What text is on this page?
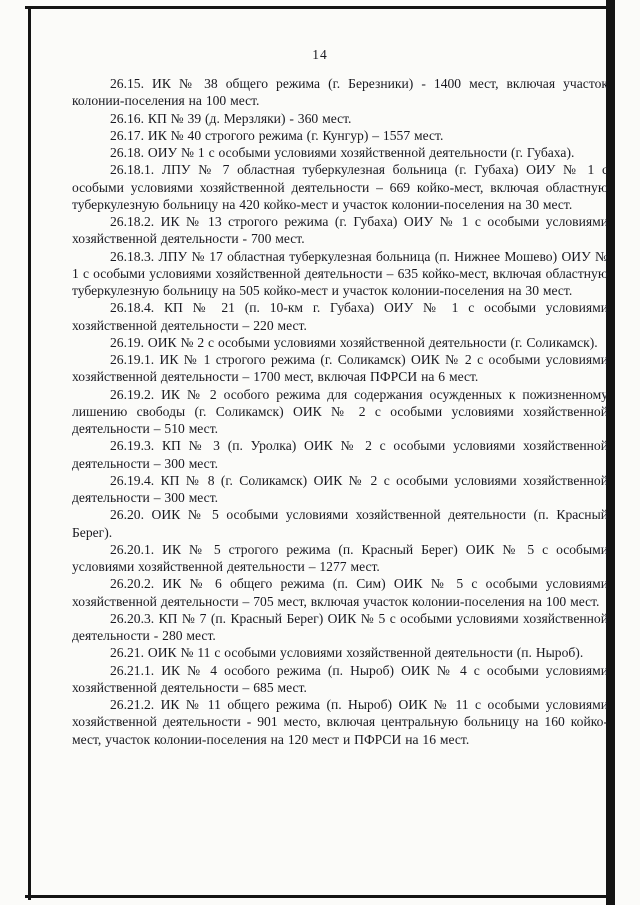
14

26.15. ИК № 38 общего режима (г. Березники) - 1400 мест, включая участок колонии-поселения на 100 мест.

26.16. КП № 39 (д. Мерзляки) - 360 мест.

26.17. ИК № 40 строгого режима (г. Кунгур) – 1557 мест.

26.18. ОИУ № 1 с особыми условиями хозяйственной деятельности (г. Губаха).

26.18.1. ЛПУ № 7 областная туберкулезная больница (г. Губаха) ОИУ № 1 с особыми условиями хозяйственной деятельности – 669 койко-мест, включая областную туберкулезную больницу на 420 койко-мест и участок колонии-поселения на 30 мест.

26.18.2. ИК № 13 строгого режима (г. Губаха) ОИУ № 1 с особыми условиями хозяйственной деятельности - 700 мест.

26.18.3. ЛПУ № 17 областная туберкулезная больница (п. Нижнее Мошево) ОИУ № 1 с особыми условиями хозяйственной деятельности – 635 койко-мест, включая областную туберкулезную больницу на 505 койко-мест и участок колонии-поселения на 30 мест.

26.18.4. КП № 21 (п. 10-км г. Губаха) ОИУ № 1 с особыми условиями хозяйственной деятельности – 220 мест.

26.19. ОИК № 2 с особыми условиями хозяйственной деятельности (г. Соликамск).

26.19.1. ИК № 1 строгого режима (г. Соликамск) ОИК № 2 с особыми условиями хозяйственной деятельности – 1700 мест, включая ПФРСИ на 6 мест.

26.19.2. ИК № 2 особого режима для содержания осужденных к пожизненному лишению свободы (г. Соликамск) ОИК № 2 с особыми условиями хозяйственной деятельности – 510 мест.

26.19.3. КП № 3 (п. Уролка) ОИК № 2 с особыми условиями хозяйственной деятельности – 300 мест.

26.19.4. КП № 8 (г. Соликамск) ОИК № 2 с особыми условиями хозяйственной деятельности – 300 мест.

26.20. ОИК № 5 особыми условиями хозяйственной деятельности (п. Красный Берег).

26.20.1. ИК № 5 строгого режима (п. Красный Берег) ОИК № 5 с особыми условиями хозяйственной деятельности – 1277 мест.

26.20.2. ИК № 6 общего режима (п. Сим) ОИК № 5 с особыми условиями хозяйственной деятельности – 705 мест, включая участок колонии-поселения на 100 мест.

26.20.3. КП № 7 (п. Красный Берег) ОИК № 5 с особыми условиями хозяйственной деятельности - 280 мест.

26.21. ОИК № 11 с особыми условиями хозяйственной деятельности (п. Ныроб).

26.21.1. ИК № 4 особого режима (п. Ныроб) ОИК № 4 с особыми условиями хозяйственной деятельности – 685 мест.

26.21.2. ИК № 11 общего режима (п. Ныроб) ОИК № 11 с особыми условиями хозяйственной деятельности - 901 место, включая центральную больницу на 160 койко-мест, участок колонии-поселения на 120 мест и ПФРСИ на 16 мест.
